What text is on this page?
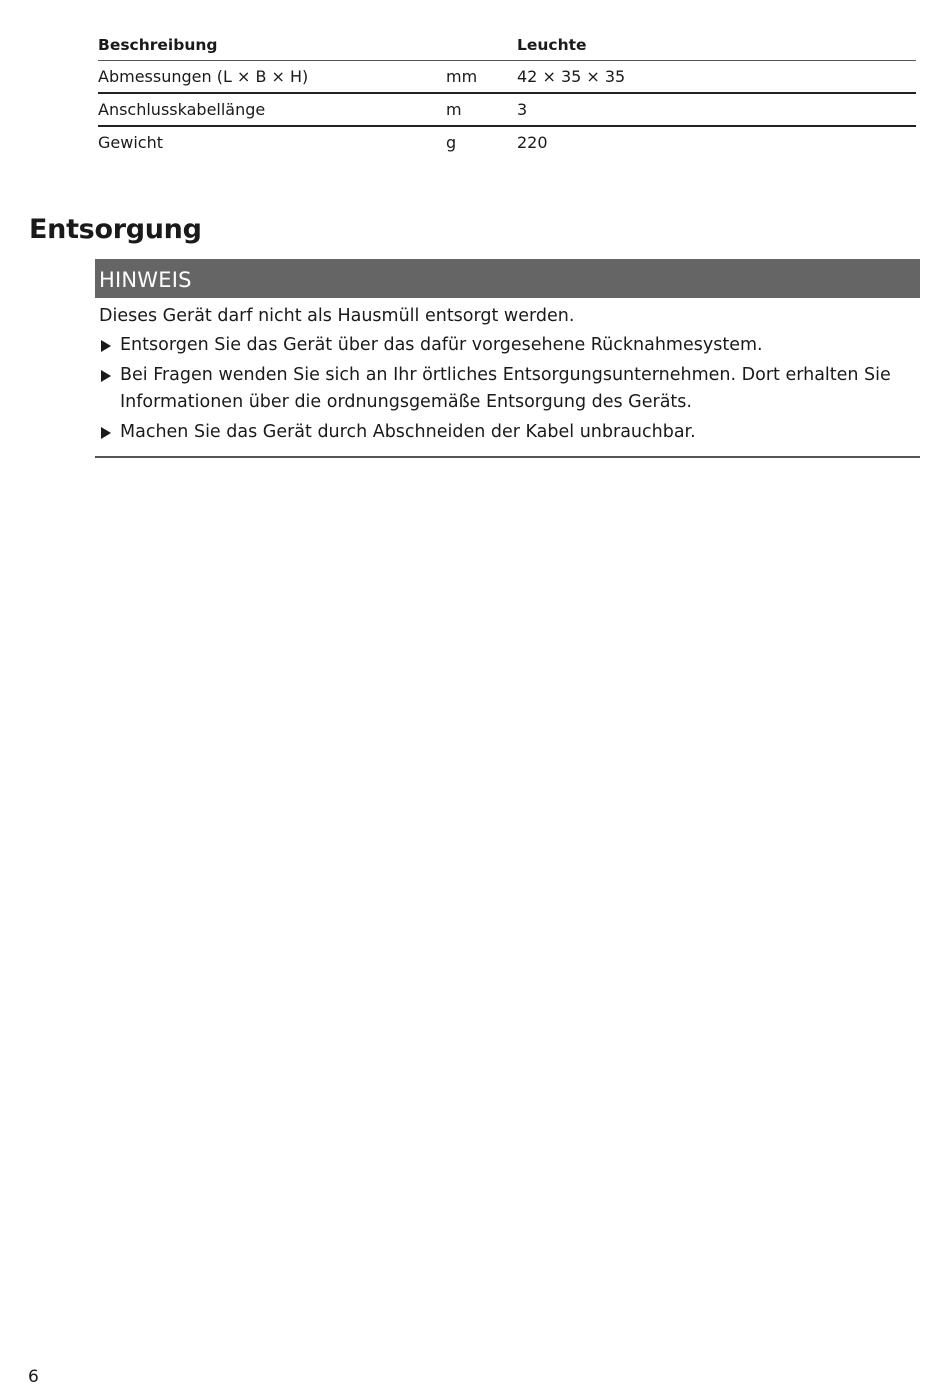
Beschreibung		Leuchte
Abmessungen (L × B × H)	mm	42 × 35 × 35
Anschlusskabellänge	m	3
Gewicht	g	220
Entsorgung
HINWEIS

Dieses Gerät darf nicht als Hausmüll entsorgt werden.

Entsorgen Sie das Gerät über das dafür vorgesehene Rücknahmesystem.
Bei Fragen wenden Sie sich an Ihr örtliches Entsorgungsunternehmen. Dort erhalten Sie Informationen über die ordnungsgemäße Entsorgung des Geräts.
Machen Sie das Gerät durch Abschneiden der Kabel unbrauchbar.
6
